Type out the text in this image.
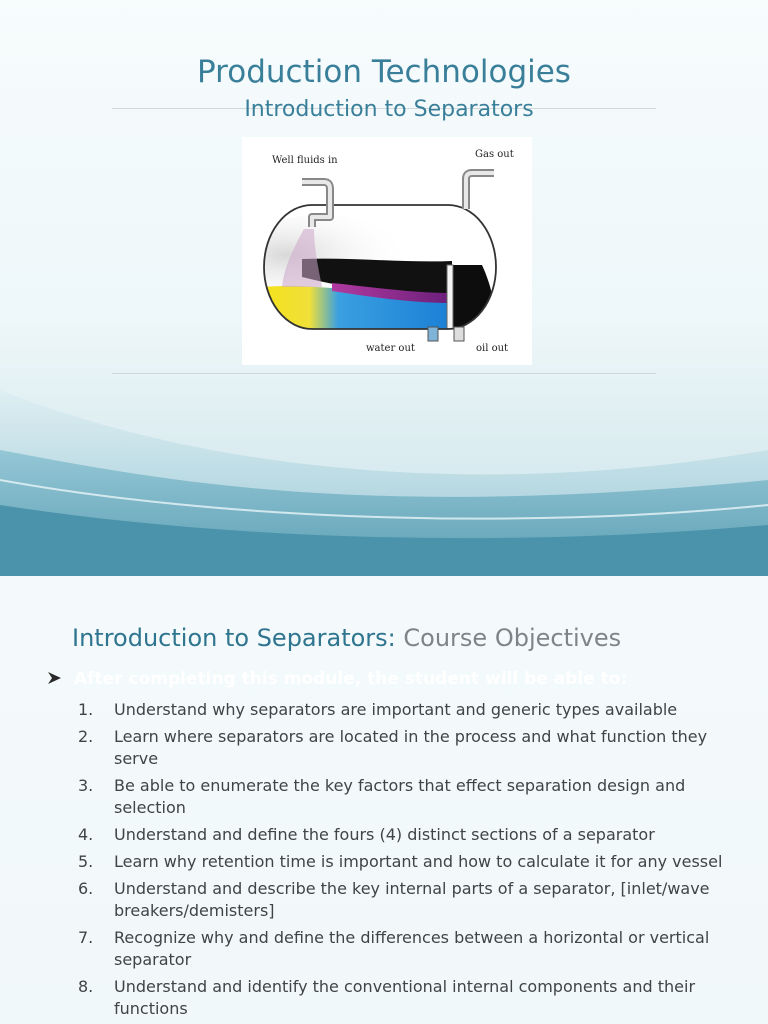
Production Technologies
Introduction to Separators
Well fluids in
Gas out
water out	oil out
Introduction to Separators: Course Objectives
After completing this module, the student will be able to:
1. Understand why separators are important and generic types available
2. Learn where separators are located in the process and what function they serve
3. Be able to enumerate the key factors that effect separation design and selection
4. Understand and define the fours (4) distinct sections of a separator
5. Learn why retention time is important and how to calculate it for any vessel
6. Understand and describe the key internal parts of a separator, [inlet/wave breakers/demisters]
7. Recognize why and define the differences between a horizontal or vertical separator
8. Understand and identify the conventional internal components and their functions
